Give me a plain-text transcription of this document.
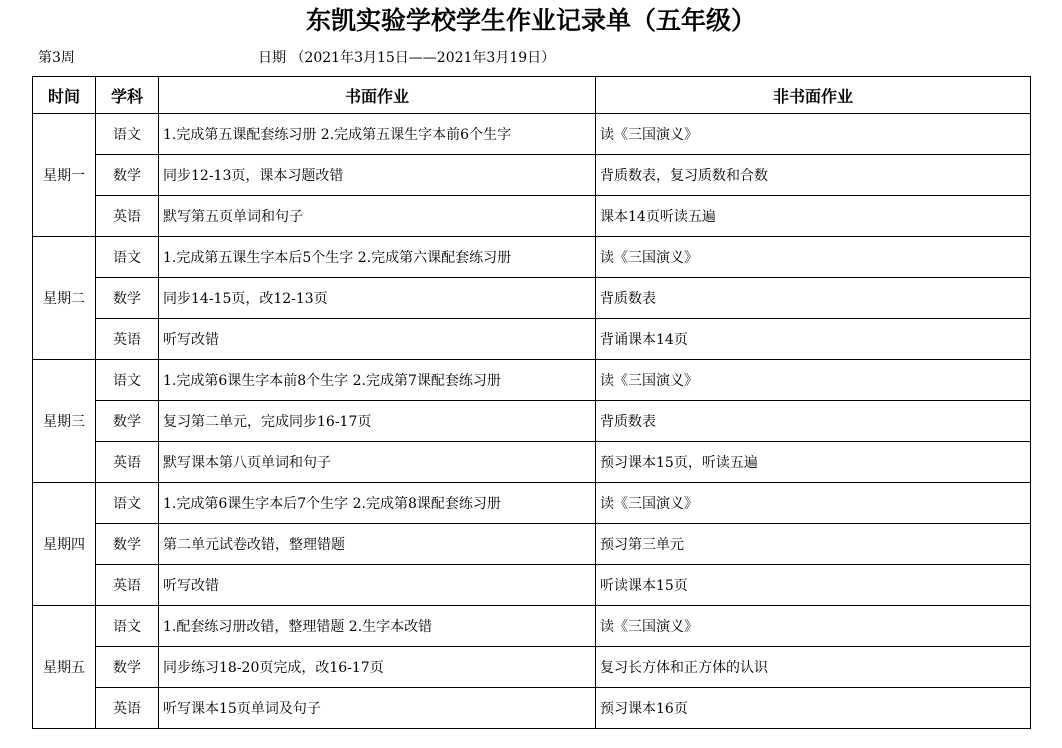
东凯实验学校学生作业记录单（五年级）
第3周	日期 （2021年3月15日——2021年3月19日）
时间	学科	书面作业	非书面作业
星期一	语文	1.完成第五课配套练习册 2.完成第五课生字本前6个生字	读《三国演义》
	数学	同步12-13页，课本习题改错	背质数表，复习质数和合数
	英语	默写第五页单词和句子	课本14页听读五遍
星期二	语文	1.完成第五课生字本后5个生字 2.完成第六课配套练习册	读《三国演义》
	数学	同步14-15页，改12-13页	背质数表
	英语	听写改错	背诵课本14页
星期三	语文	1.完成第6课生字本前8个生字 2.完成第7课配套练习册	读《三国演义》
	数学	复习第二单元，完成同步16-17页	背质数表
	英语	默写课本第八页单词和句子	预习课本15页，听读五遍
星期四	语文	1.完成第6课生字本后7个生字 2.完成第8课配套练习册	读《三国演义》
	数学	第二单元试卷改错，整理错题	预习第三单元
	英语	听写改错	听读课本15页
星期五	语文	1.配套练习册改错，整理错题 2.生字本改错	读《三国演义》
	数学	同步练习18-20页完成，改16-17页	复习长方体和正方体的认识
	英语	听写课本15页单词及句子	预习课本16页
